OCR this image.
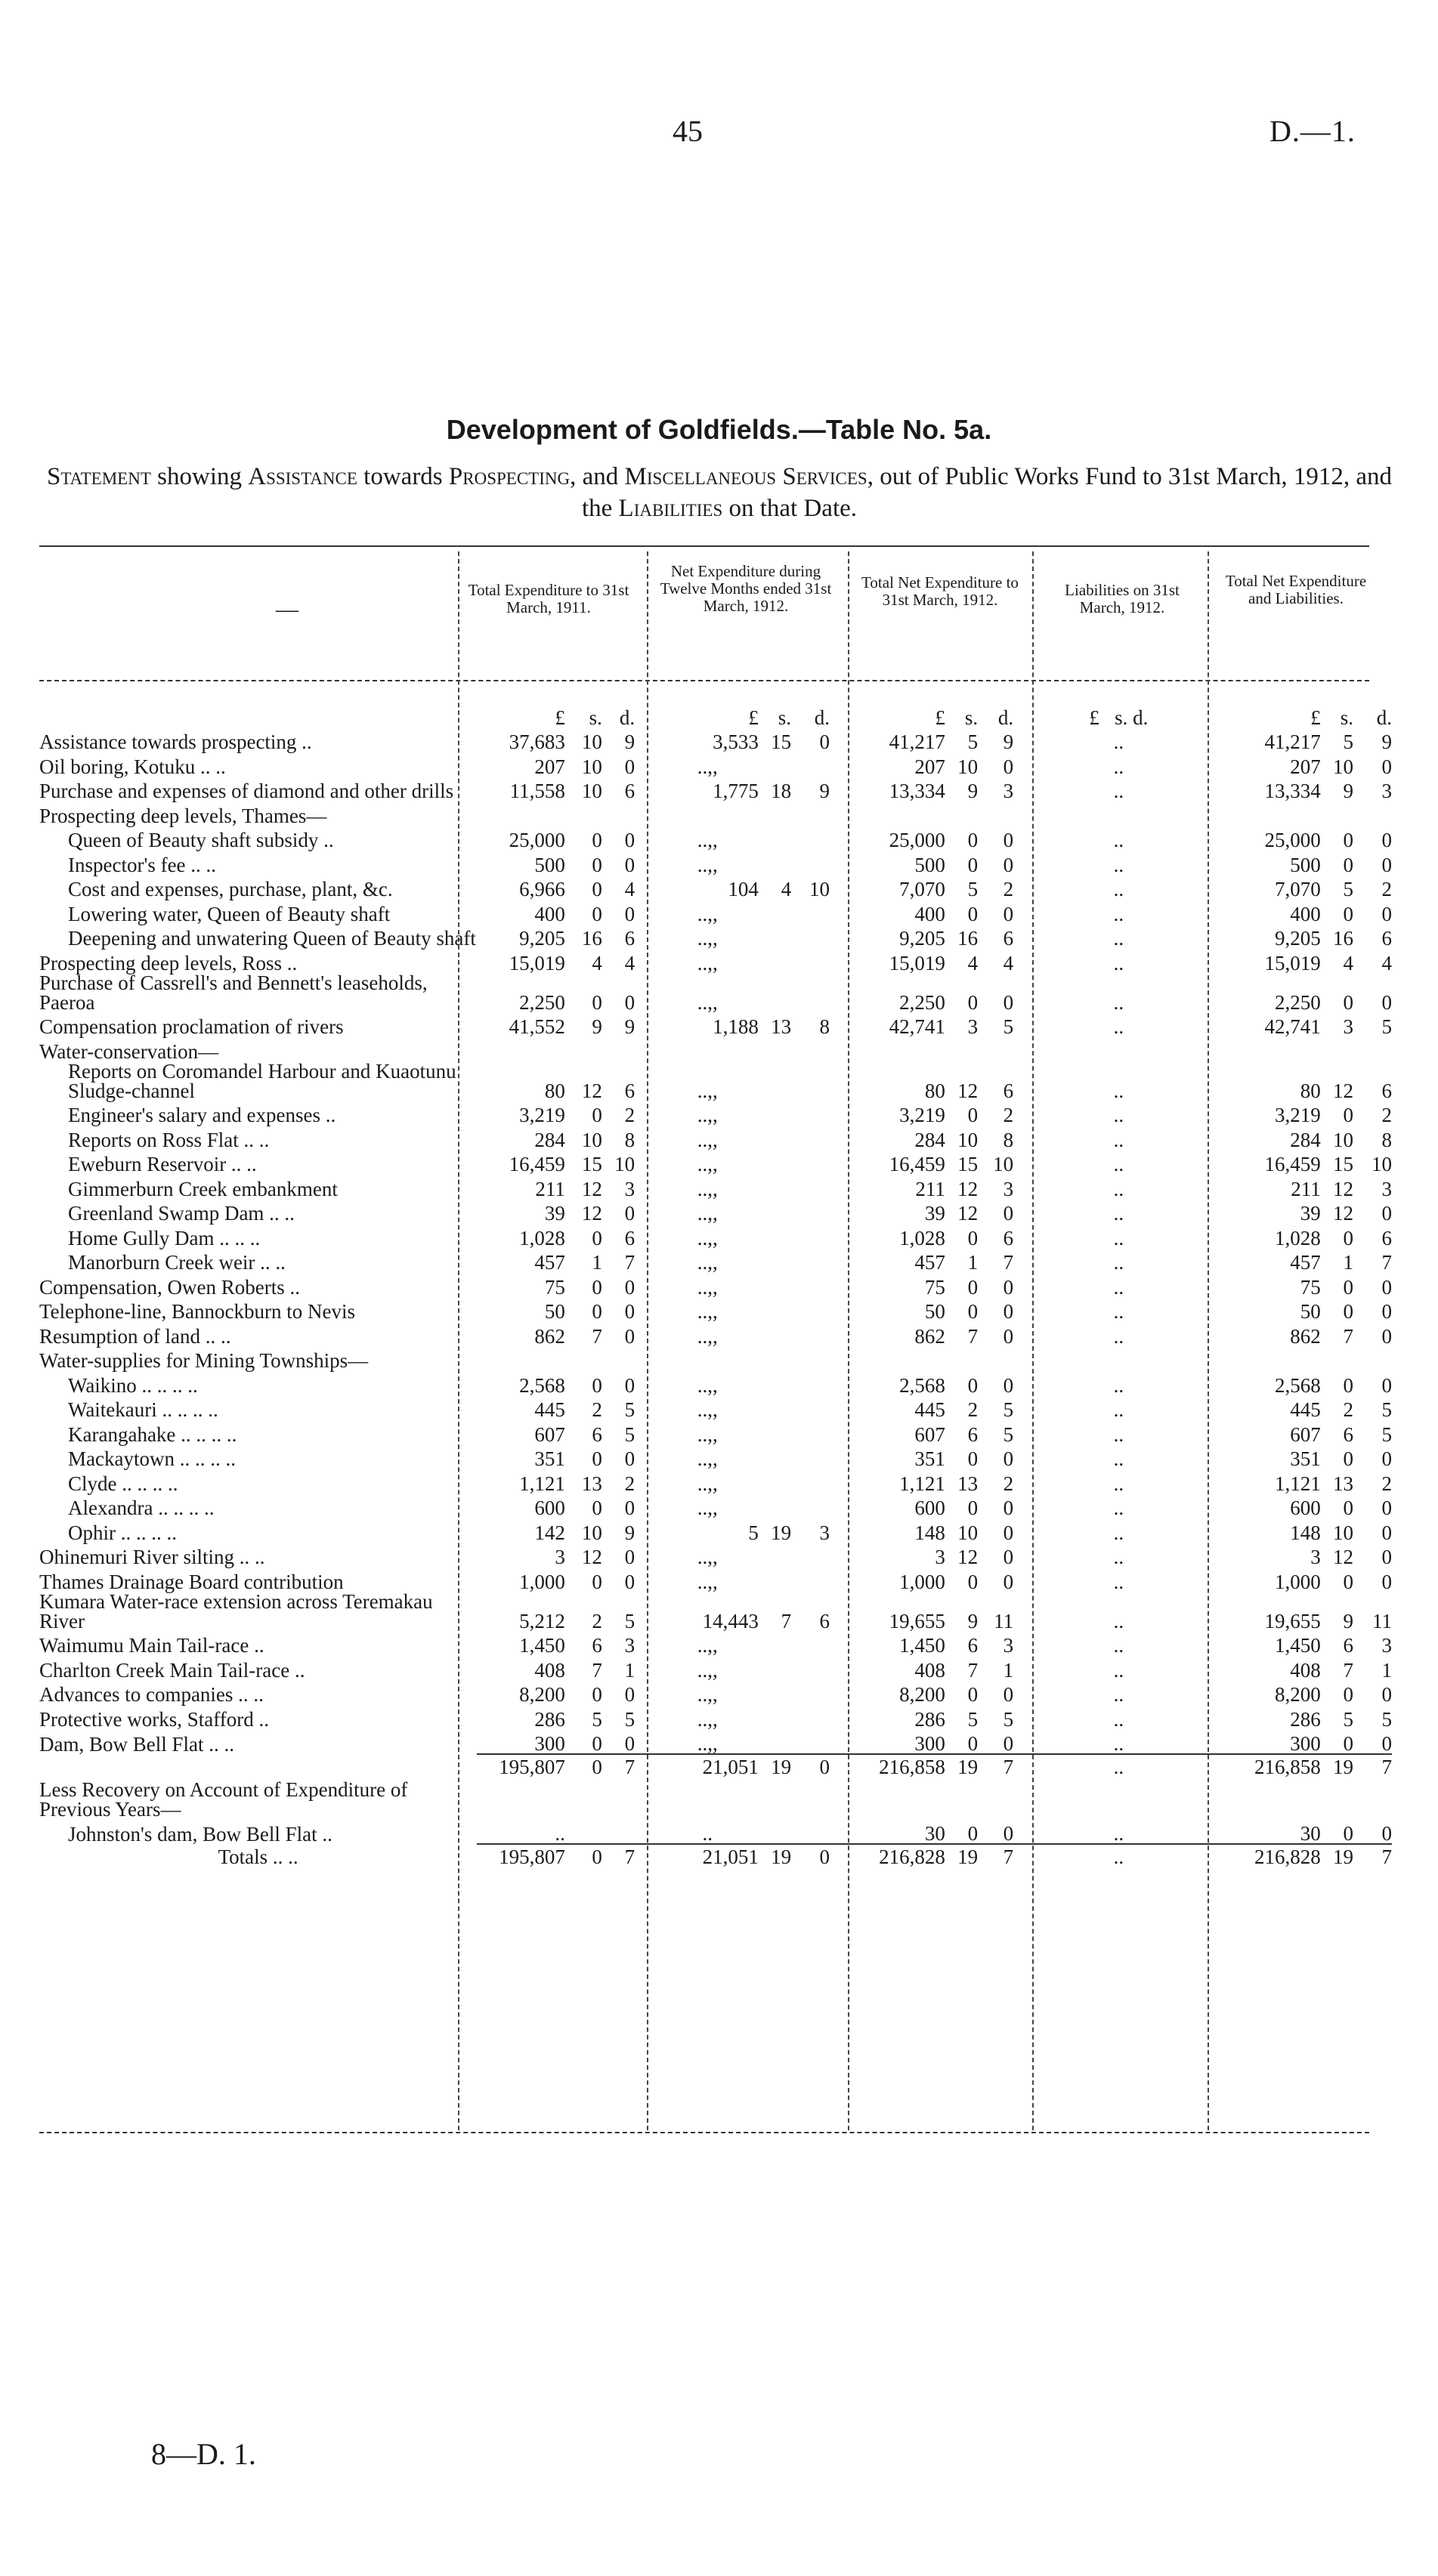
45	D.—1.
Development of Goldfields.—Table No. 5a.
Statement showing Assistance towards Prospecting, and Miscellaneous Services, out of Public Works Fund to 31st March, 1912, and the Liabilities on that Date.
—
Total Expenditure to 31st March, 1911.
Net Expenditure during Twelve Months ended 31st March, 1912.
Total Net Expenditure to 31st March, 1912.
Liabilities on 31st March, 1912.
Total Net Expenditure and Liabilities.
	£	s.	d.		£	s.	d.		£	s.	d.		£ s. d.		£	s.	d.
Assistance towards prospecting ..	37,683	10	9		3,533	15	0		41,217	5	9		..		41,217	5	9
Oil boring, Kotuku .. ..	207	10	0		..,,				207	10	0		..		207	10	0
Purchase and expenses of diamond and other drills	11,558	10	6		1,775	18	9		13,334	9	3		..		13,334	9	3
Prospecting deep levels, Thames—																	
Queen of Beauty shaft subsidy ..	25,000	0	0		..,,				25,000	0	0		..		25,000	0	0
Inspector's fee .. ..	500	0	0		..,,				500	0	0		..		500	0	0
Cost and expenses, purchase, plant, &c.	6,966	0	4		104	4	10		7,070	5	2		..		7,070	5	2
Lowering water, Queen of Beauty shaft	400	0	0		..,,				400	0	0		..		400	0	0
Deepening and unwatering Queen of Beauty shaft	9,205	16	6		..,,				9,205	16	6		..		9,205	16	6
Prospecting deep levels, Ross ..	15,019	4	4		..,,				15,019	4	4		..		15,019	4	4
Purchase of Cassrell's and Bennett's leaseholds, Paeroa	2,250	0	0		..,,				2,250	0	0		..		2,250	0	0
Compensation proclamation of rivers	41,552	9	9		1,188	13	8		42,741	3	5		..		42,741	3	5
Water-conservation—																	
Reports on Coromandel Harbour and Kuaotunu Sludge-channel	80	12	6		..,,				80	12	6		..		80	12	6
Engineer's salary and expenses ..	3,219	0	2		..,,				3,219	0	2		..		3,219	0	2
Reports on Ross Flat .. ..	284	10	8		..,,				284	10	8		..		284	10	8
Eweburn Reservoir .. ..	16,459	15	10		..,,				16,459	15	10		..		16,459	15	10
Gimmerburn Creek embankment	211	12	3		..,,				211	12	3		..		211	12	3
Greenland Swamp Dam .. ..	39	12	0		..,,				39	12	0		..		39	12	0
Home Gully Dam .. .. ..	1,028	0	6		..,,				1,028	0	6		..		1,028	0	6
Manorburn Creek weir .. ..	457	1	7		..,,				457	1	7		..		457	1	7
Compensation, Owen Roberts ..	75	0	0		..,,				75	0	0		..		75	0	0
Telephone-line, Bannockburn to Nevis	50	0	0		..,,				50	0	0		..		50	0	0
Resumption of land .. ..	862	7	0		..,,				862	7	0		..		862	7	0
Water-supplies for Mining Townships—																	
Waikino .. .. .. ..	2,568	0	0		..,,				2,568	0	0		..		2,568	0	0
Waitekauri .. .. .. ..	445	2	5		..,,				445	2	5		..		445	2	5
Karangahake .. .. .. ..	607	6	5		..,,				607	6	5		..		607	6	5
Mackaytown .. .. .. ..	351	0	0		..,,				351	0	0		..		351	0	0
Clyde .. .. .. ..	1,121	13	2		..,,				1,121	13	2		..		1,121	13	2
Alexandra .. .. .. ..	600	0	0		..,,				600	0	0		..		600	0	0
Ophir .. .. .. ..	142	10	9		5	19	3		148	10	0		..		148	10	0
Ohinemuri River silting .. ..	3	12	0		..,,				3	12	0		..		3	12	0
Thames Drainage Board contribution	1,000	0	0		..,,				1,000	0	0		..		1,000	0	0
Kumara Water-race extension across Teremakau River	5,212	2	5		14,443	7	6		19,655	9	11		..		19,655	9	11
Waimumu Main Tail-race ..	1,450	6	3		..,,				1,450	6	3		..		1,450	6	3
Charlton Creek Main Tail-race ..	408	7	1		..,,				408	7	1		..		408	7	1
Advances to companies .. ..	8,200	0	0		..,,				8,200	0	0		..		8,200	0	0
Protective works, Stafford ..	286	5	5		..,,				286	5	5		..		286	5	5
Dam, Bow Bell Flat .. ..	300	0	0		..,,				300	0	0		..		300	0	0
	195,807	0	7		21,051	19	0		216,858	19	7		..		216,858	19	7
Less Recovery on Account of Expenditure of Previous Years—																	
Johnston's dam, Bow Bell Flat ..	..				..				30	0	0		..		30	0	0
Totals .. ..	195,807	0	7		21,051	19	0		216,828	19	7		..		216,828	19	7
8—D. 1.
